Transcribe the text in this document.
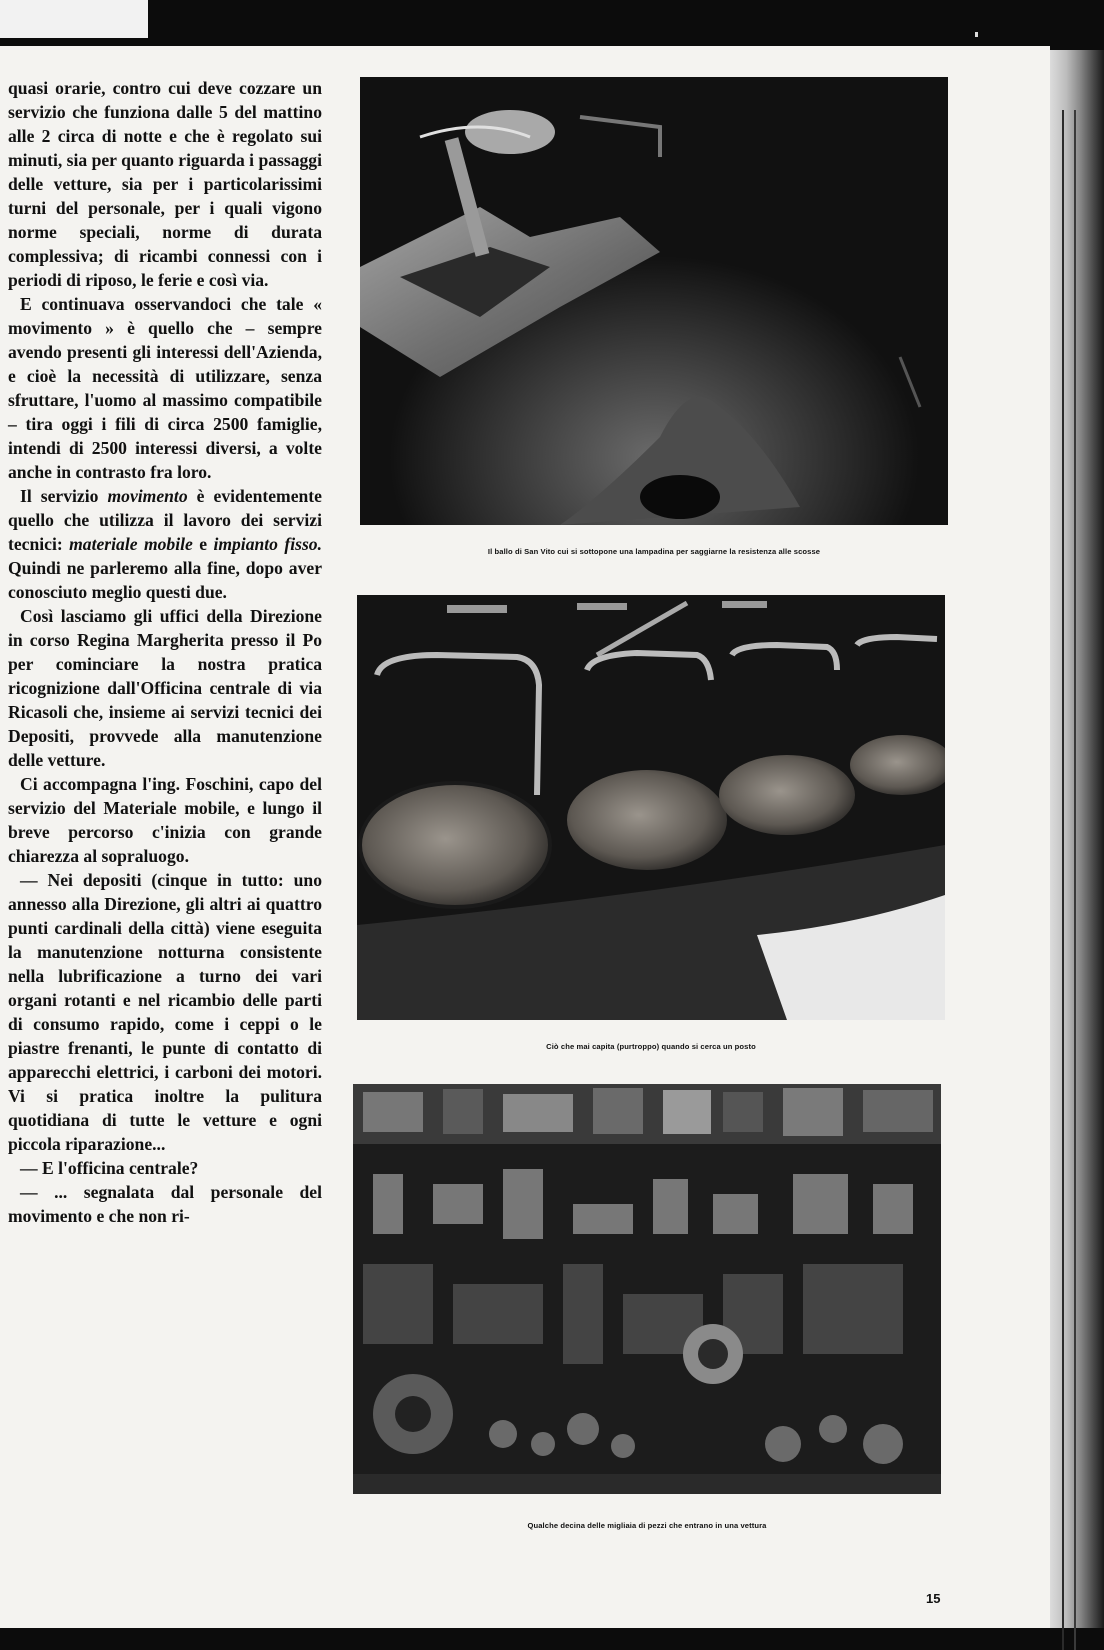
quasi orarie, contro cui deve cozzare un servizio che funziona dalle 5 del mattino alle 2 circa di notte e che è regolato sui minuti, sia per quanto riguarda i passaggi delle vetture, sia per i particolarissimi turni del personale, per i quali vigono norme speciali, norme di durata complessiva; di ricambi connessi con i periodi di riposo, le ferie e così via.

E continuava osservandoci che tale « movimento » è quello che – sempre avendo presenti gli interessi dell'Azienda, e cioè la necessità di utilizzare, senza sfruttare, l'uomo al massimo compatibile – tira oggi i fili di circa 2500 famiglie, intendi di 2500 interessi diversi, a volte anche in contrasto fra loro.

Il servizio movimento è evidentemente quello che utilizza il lavoro dei servizi tecnici: materiale mobile e impianto fisso. Quindi ne parleremo alla fine, dopo aver conosciuto meglio questi due.

Così lasciamo gli uffici della Direzione in corso Regina Margherita presso il Po per cominciare la nostra pratica ricognizione dall'Officina centrale di via Ricasoli che, insieme ai servizi tecnici dei Depositi, provvede alla manutenzione delle vetture.

Ci accompagna l'ing. Foschini, capo del servizio del Materiale mobile, e lungo il breve percorso c'inizia con grande chiarezza al sopraluogo.

— Nei depositi (cinque in tutto: uno annesso alla Direzione, gli altri ai quattro punti cardinali della città) viene eseguita la manutenzione notturna consistente nella lubrificazione a turno dei vari organi rotanti e nel ricambio delle parti di consumo rapido, come i ceppi o le piastre frenanti, le punte di contatto di apparecchi elettrici, i carboni dei motori. Vi si pratica inoltre la pulitura quotidiana di tutte le vetture e ogni piccola riparazione...

— E l'officina centrale?

— ... segnalata dal personale del movimento e che non ri-

Il ballo di San Vito cui si sottopone una lampadina per saggiarne la resistenza alle scosse
Ciò che mai capita (purtroppo) quando si cerca un posto
Qualche decina delle migliaia di pezzi che entrano in una vettura
15
